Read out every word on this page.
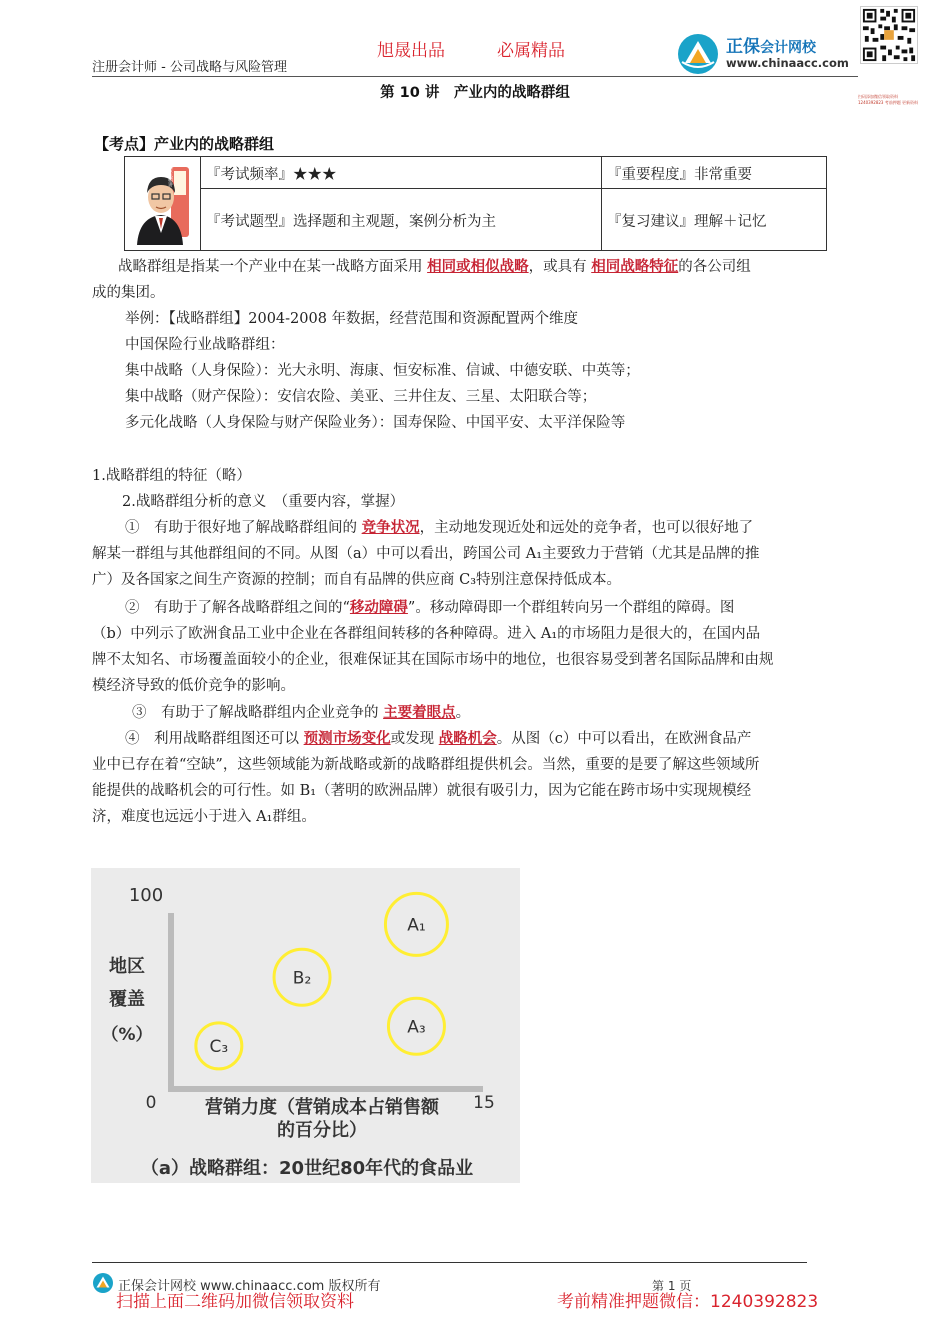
旭晟出品	必属精品
注册会计师 - 公司战略与风险管理
正保会计网校
www.chinaacc.com
扫码添加微信领取资料 1240392823 考前押题 更新资料
第 10 讲　产业内的战略群组
【考点】产业内的战略群组
考点精讲 『考试频率』★★★	『重要程度』非常重要
『考试题型』选择题和主观题，案例分析为主	『复习建议』理解＋记忆
战略群组是指某一个产业中在某一战略方面采用 相同或相似战略，或具有 相同战略特征的各公司组
成的集团。
举例：【战略群组】2004-2008 年数据，经营范围和资源配置两个维度
中国保险行业战略群组：
集中战略（人身保险）：光大永明、海康、恒安标准、信诚、中德安联、中英等；
集中战略（财产保险）：安信农险、美亚、三井住友、三星、太阳联合等；
多元化战略（人身保险与财产保险业务）：国寿保险、中国平安、太平洋保险等
1.战略群组的特征（略）
2.战略群组分析的意义　（重要内容，掌握）
①　有助于很好地了解战略群组间的 竞争状况，主动地发现近处和远处的竞争者，也可以很好地了
解某一群组与其他群组间的不同。从图（a）中可以看出，跨国公司 A₁主要致力于营销（尤其是品牌的推
广）及各国家之间生产资源的控制；而自有品牌的供应商 C₃特别注意保持低成本。
②　有助于了解各战略群组之间的“移动障碍”。移动障碍即一个群组转向另一个群组的障碍。图
（b）中列示了欧洲食品工业中企业在各群组间转移的各种障碍。进入 A₁的市场阻力是很大的，在国内品
牌不太知名、市场覆盖面较小的企业，很难保证其在国际市场中的地位，也很容易受到著名国际品牌和由规
模经济导致的低价竞争的影响。
③　有助于了解战略群组内企业竞争的 主要着眼点。
④　利用战略群组图还可以 预测市场变化或发现 战略机会。从图（c）中可以看出，在欧洲食品产
业中已存在着“空缺”，这些领域能为新战略或新的战略群组提供机会。当然，重要的是要了解这些领域所
能提供的战略机会的可行性。如 B₁（著明的欧洲品牌）就很有吸引力，因为它能在跨市场中实现规模经
济，难度也远远小于进入 A₁群组。
100
0	15
地区
覆盖
（%）
营销力度（营销成本占销售额
的百分比）
（a）战略群组：20世纪80年代的食品业
A₁
B₂
A₃
C₃
正保会计网校 www.chinaacc.com 版权所有	第 1 页
扫描上面二维码加微信领取资料	考前精准押题微信：1240392823
